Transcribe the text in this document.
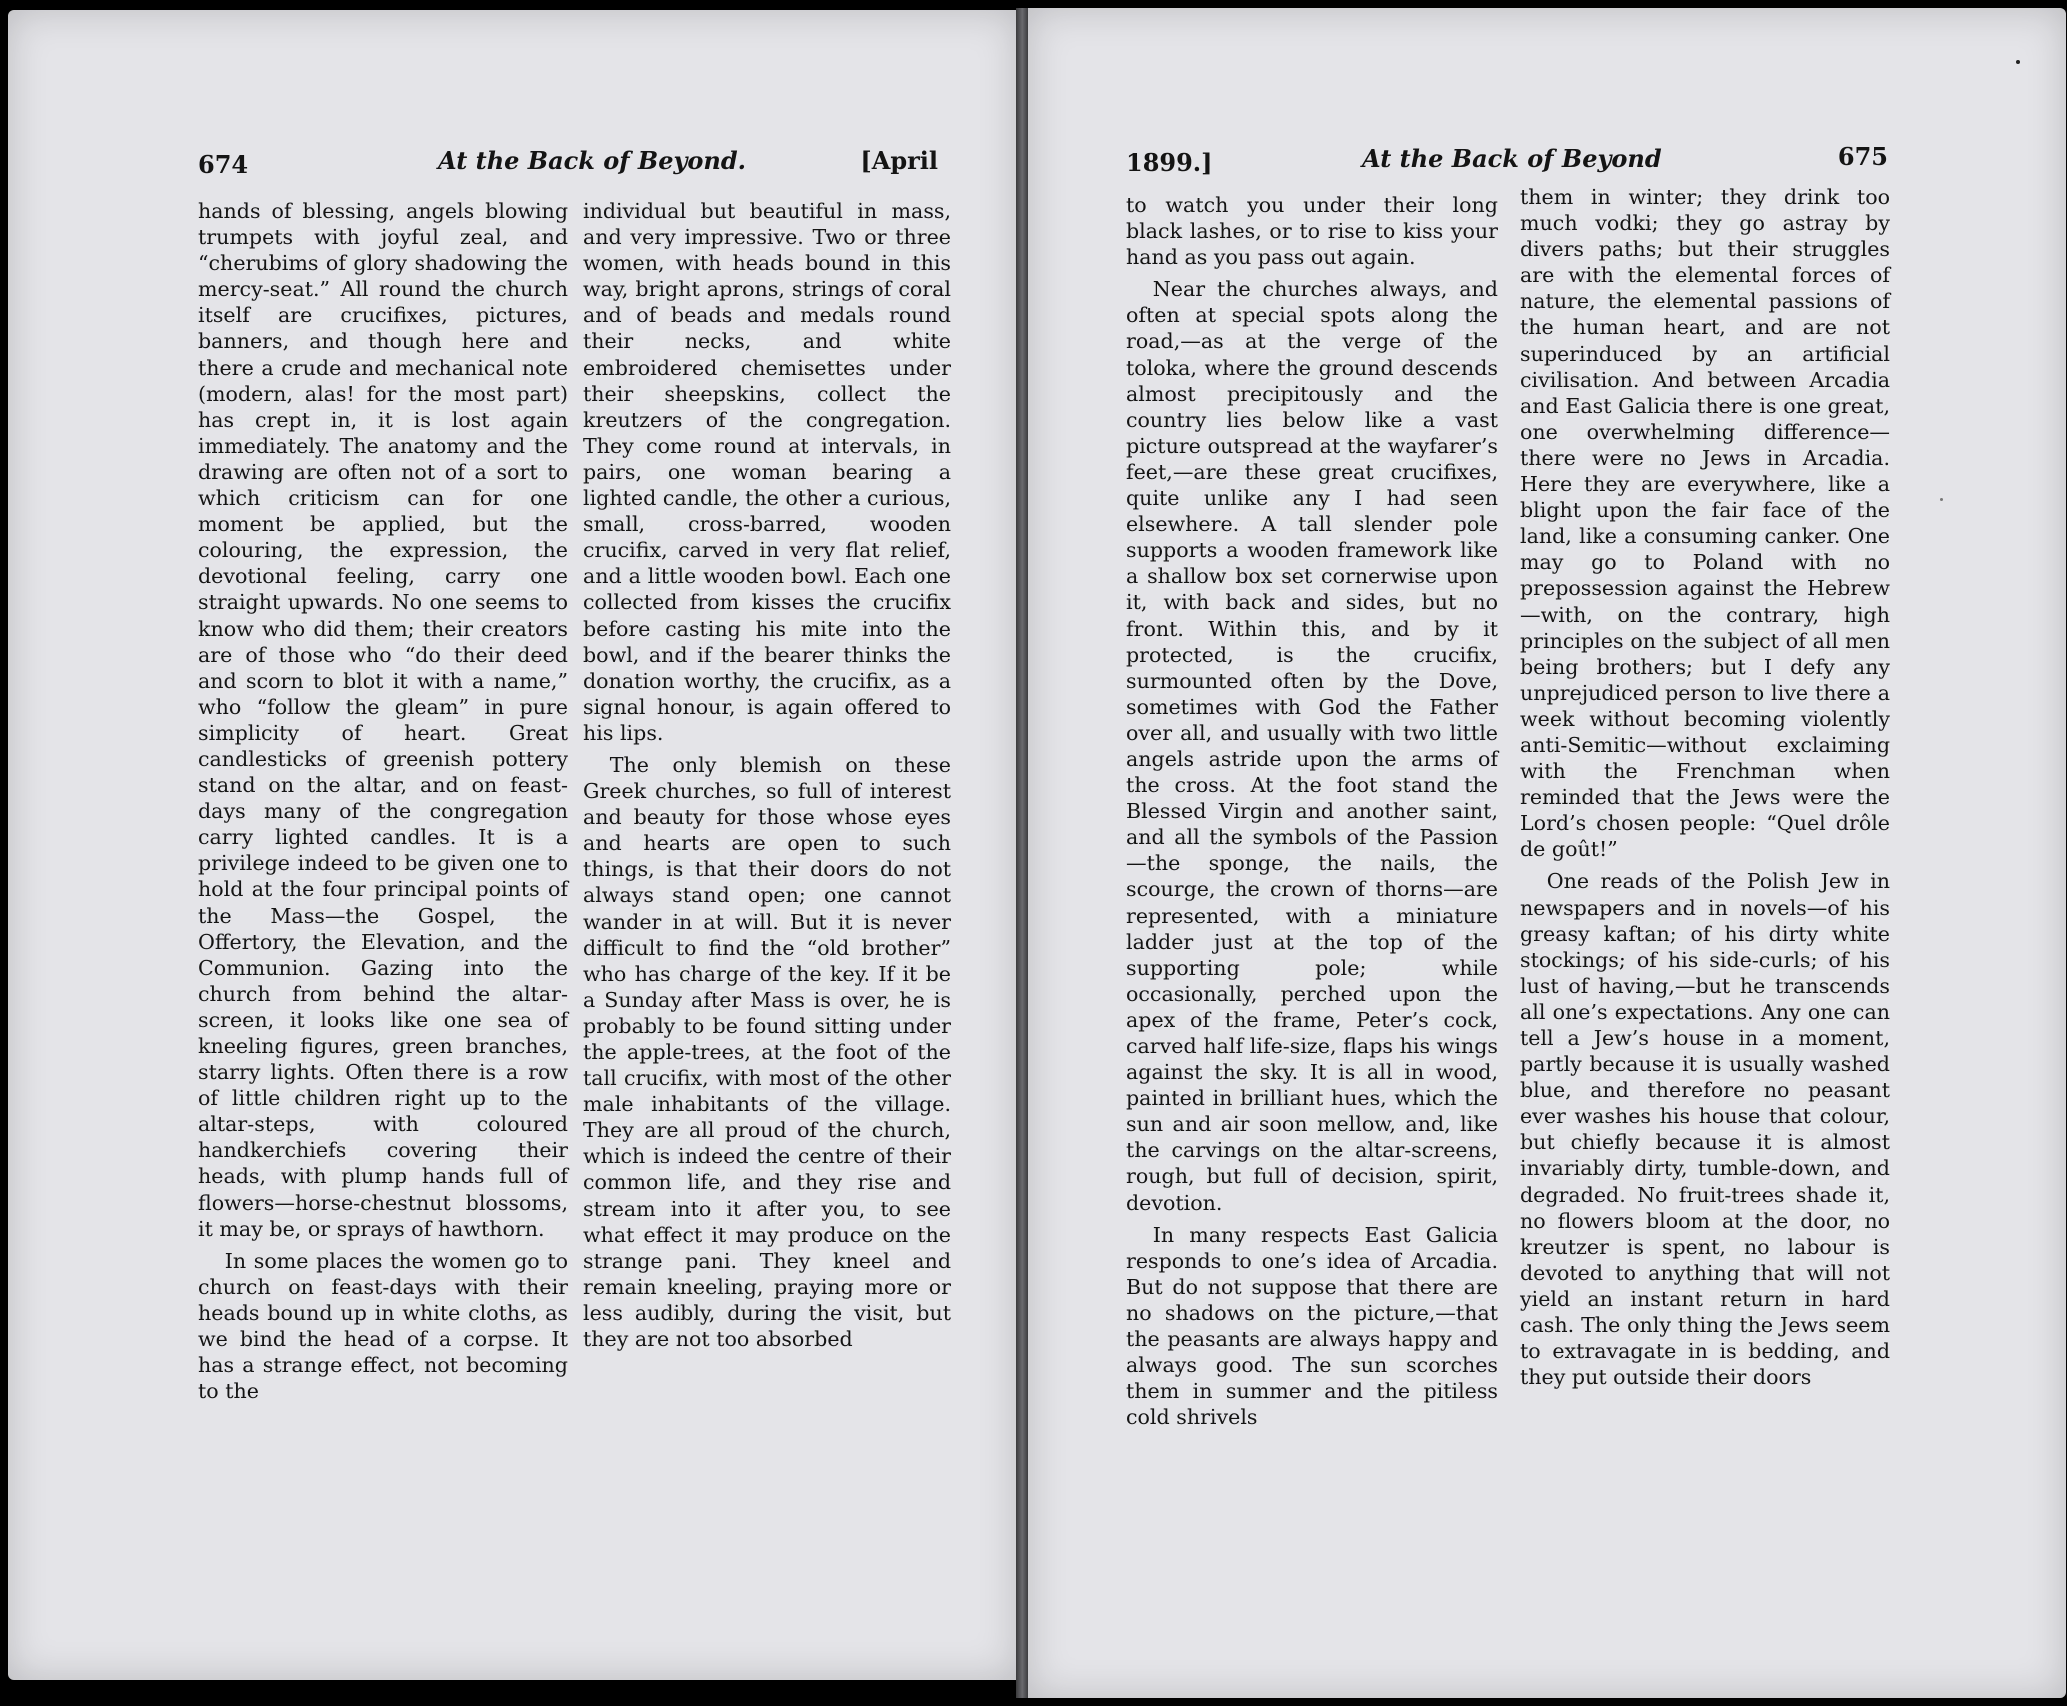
674	At the Back of Beyond.	[April

hands of blessing, angels blowing trumpets with joyful zeal, and “cherubims of glory shadowing the mercy-seat.” All round the church itself are crucifixes, pictures, banners, and though here and there a crude and mechanical note (modern, alas! for the most part) has crept in, it is lost again immediately. The anatomy and the drawing are often not of a sort to which criticism can for one moment be applied, but the colouring, the expression, the devotional feeling, carry one straight upwards. No one seems to know who did them; their creators are of those who “do their deed and scorn to blot it with a name,” who “follow the gleam” in pure simplicity of heart. Great candlesticks of greenish pottery stand on the altar, and on feast-days many of the congregation carry lighted candles. It is a privilege indeed to be given one to hold at the four principal points of the Mass—the Gospel, the Offertory, the Elevation, and the Communion. Gazing into the church from behind the altar-screen, it looks like one sea of kneeling figures, green branches, starry lights. Often there is a row of little children right up to the altar-steps, with coloured handkerchiefs covering their heads, with plump hands full of flowers—horse-chestnut blossoms, it may be, or sprays of hawthorn.

In some places the women go to church on feast-days with their heads bound up in white cloths, as we bind the head of a corpse. It has a strange effect, not becoming to the

individual but beautiful in mass, and very impressive. Two or three women, with heads bound in this way, bright aprons, strings of coral and of beads and medals round their necks, and white embroidered chemisettes under their sheepskins, collect the kreutzers of the congregation. They come round at intervals, in pairs, one woman bearing a lighted candle, the other a curious, small, cross-barred, wooden crucifix, carved in very flat relief, and a little wooden bowl. Each one collected from kisses the crucifix before casting his mite into the bowl, and if the bearer thinks the donation worthy, the crucifix, as a signal honour, is again offered to his lips.

The only blemish on these Greek churches, so full of interest and beauty for those whose eyes and hearts are open to such things, is that their doors do not always stand open; one cannot wander in at will. But it is never difficult to find the “old brother” who has charge of the key. If it be a Sunday after Mass is over, he is probably to be found sitting under the apple-trees, at the foot of the tall crucifix, with most of the other male inhabitants of the village. They are all proud of the church, which is indeed the centre of their common life, and they rise and stream into it after you, to see what effect it may produce on the strange pani. They kneel and remain kneeling, praying more or less audibly, during the visit, but they are not too absorbed

1899.]	At the Back of Beyond	675

to watch you under their long black lashes, or to rise to kiss your hand as you pass out again.

Near the churches always, and often at special spots along the road,—as at the verge of the toloka, where the ground descends almost precipitously and the country lies below like a vast picture outspread at the wayfarer’s feet,—are these great crucifixes, quite unlike any I had seen elsewhere. A tall slender pole supports a wooden framework like a shallow box set cornerwise upon it, with back and sides, but no front. Within this, and by it protected, is the crucifix, surmounted often by the Dove, sometimes with God the Father over all, and usually with two little angels astride upon the arms of the cross. At the foot stand the Blessed Virgin and another saint, and all the symbols of the Passion—the sponge, the nails, the scourge, the crown of thorns—are represented, with a miniature ladder just at the top of the supporting pole; while occasionally, perched upon the apex of the frame, Peter’s cock, carved half life-size, flaps his wings against the sky. It is all in wood, painted in brilliant hues, which the sun and air soon mellow, and, like the carvings on the altar-screens, rough, but full of decision, spirit, devotion.

In many respects East Galicia responds to one’s idea of Arcadia. But do not suppose that there are no shadows on the picture,—that the peasants are always happy and always good. The sun scorches them in summer and the pitiless cold shrivels

them in winter; they drink too much vodki; they go astray by divers paths; but their struggles are with the elemental forces of nature, the elemental passions of the human heart, and are not superinduced by an artificial civilisation. And between Arcadia and East Galicia there is one great, one overwhelming difference—there were no Jews in Arcadia. Here they are everywhere, like a blight upon the fair face of the land, like a consuming canker. One may go to Poland with no prepossession against the Hebrew—with, on the contrary, high principles on the subject of all men being brothers; but I defy any unprejudiced person to live there a week without becoming violently anti-Semitic—without exclaiming with the Frenchman when reminded that the Jews were the Lord’s chosen people: “Quel drôle de goût!”

One reads of the Polish Jew in newspapers and in novels—of his greasy kaftan; of his dirty white stockings; of his side-curls; of his lust of having,—but he transcends all one’s expectations. Any one can tell a Jew’s house in a moment, partly because it is usually washed blue, and therefore no peasant ever washes his house that colour, but chiefly because it is almost invariably dirty, tumble-down, and degraded. No fruit-trees shade it, no flowers bloom at the door, no kreutzer is spent, no labour is devoted to anything that will not yield an instant return in hard cash. The only thing the Jews seem to extravagate in is bedding, and they put outside their doors
